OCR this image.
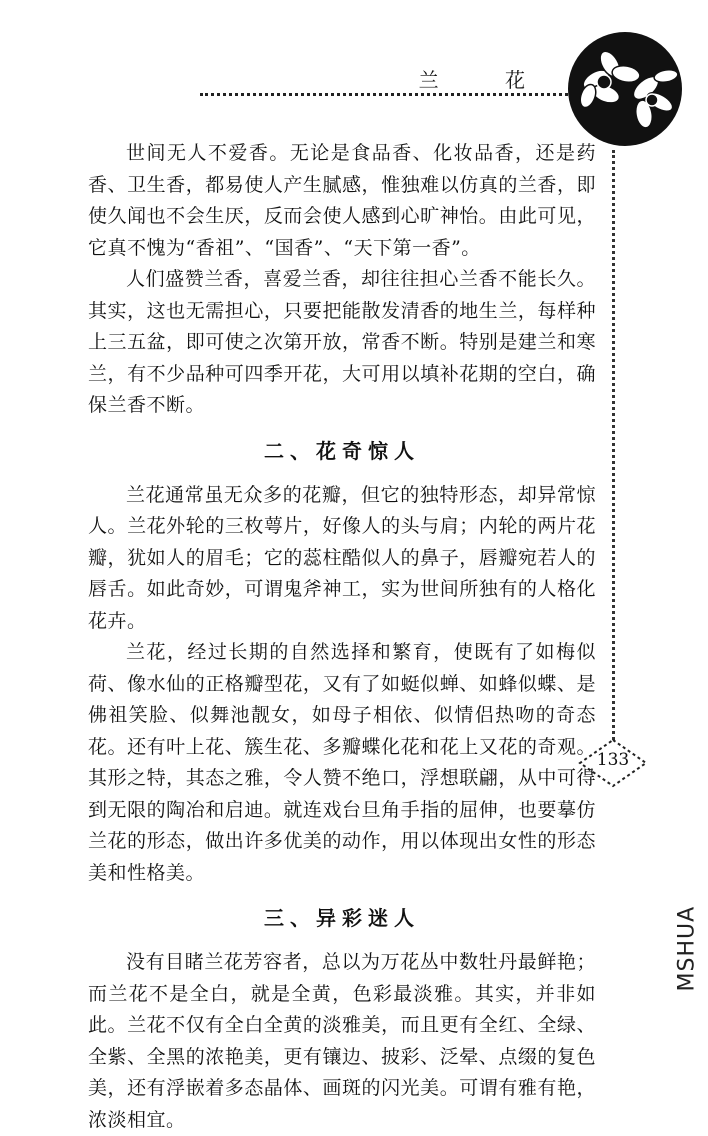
兰 花
133

世间无人不爱香。无论是食品香、化妆品香，还是药香、卫生香，都易使人产生腻感，惟独难以仿真的兰香，即使久闻也不会生厌，反而会使人感到心旷神怡。由此可见，它真不愧为“香祖”、“国香”、“天下第一香”。

人们盛赞兰香，喜爱兰香，却往往担心兰香不能长久。其实，这也无需担心，只要把能散发清香的地生兰，每样种上三五盆，即可使之次第开放，常香不断。特别是建兰和寒兰，有不少品种可四季开花，大可用以填补花期的空白，确保兰香不断。

二、花奇惊人

兰花通常虽无众多的花瓣，但它的独特形态，却异常惊人。兰花外轮的三枚萼片，好像人的头与肩；内轮的两片花瓣，犹如人的眉毛；它的蕊柱酷似人的鼻子，唇瓣宛若人的唇舌。如此奇妙，可谓鬼斧神工，实为世间所独有的人格化花卉。

兰花，经过长期的自然选择和繁育，使既有了如梅似荷、像水仙的正格瓣型花，又有了如蜓似蝉、如蜂似蝶、是佛祖笑脸、似舞池靓女，如母子相依、似情侣热吻的奇态花。还有叶上花、簇生花、多瓣蝶化花和花上又花的奇观。其形之特，其态之雅，令人赞不绝口，浮想联翩，从中可得到无限的陶冶和启迪。就连戏台旦角手指的屈伸，也要摹仿兰花的形态，做出许多优美的动作，用以体现出女性的形态美和性格美。

三、异彩迷人

没有目睹兰花芳容者，总以为万花丛中数牡丹最鲜艳；而兰花不是全白，就是全黄，色彩最淡雅。其实，并非如此。兰花不仅有全白全黄的淡雅美，而且更有全红、全绿、全紫、全黑的浓艳美，更有镶边、披彩、泛晕、点缀的复色美，还有浮嵌着多态晶体、画斑的闪光美。可谓有雅有艳，浓淡相宜。

MSHUA
